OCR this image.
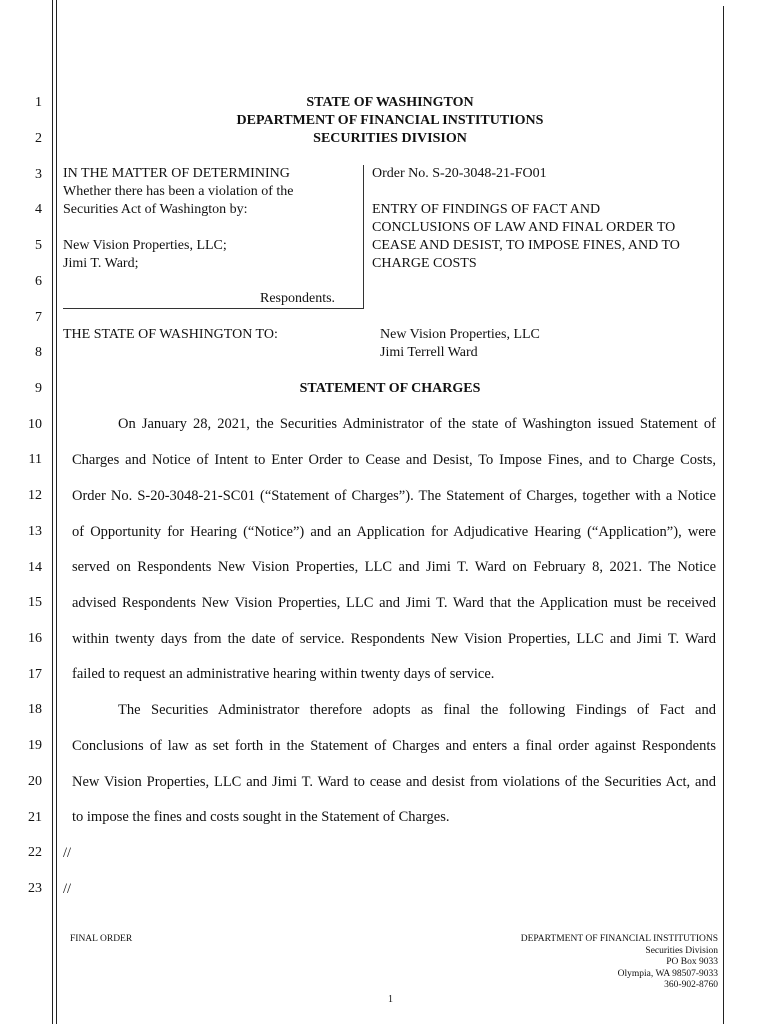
1
2
3
4
5
6
7
8
9
10
11
12
13
14
15
16
17
18
19
20
21
22
23
STATE OF WASHINGTON
DEPARTMENT OF FINANCIAL INSTITUTIONS
SECURITIES DIVISION
IN THE MATTER OF DETERMINING
Whether there has been a violation of the
Securities Act of Washington by:
New Vision Properties, LLC;
Jimi T. Ward;
Respondents.
Order No. S-20-3048-21-FO01
ENTRY OF FINDINGS OF FACT AND
CONCLUSIONS OF LAW AND FINAL ORDER TO
CEASE AND DESIST, TO IMPOSE FINES, AND TO
CHARGE COSTS
THE STATE OF WASHINGTON TO:	New Vision Properties, LLC
Jimi Terrell Ward
STATEMENT OF CHARGES
On January 28, 2021, the Securities Administrator of the state of Washington issued Statement of
Charges and Notice of Intent to Enter Order to Cease and Desist, To Impose Fines, and to Charge Costs,
Order No. S-20-3048-21-SC01 (“Statement of Charges”). The Statement of Charges, together with a Notice
of Opportunity for Hearing (“Notice”) and an Application for Adjudicative Hearing (“Application”), were
served on Respondents New Vision Properties, LLC and Jimi T. Ward on February 8, 2021. The Notice
advised Respondents New Vision Properties, LLC and Jimi T. Ward that the Application must be received
within twenty days from the date of service. Respondents New Vision Properties, LLC and Jimi T. Ward
failed to request an administrative hearing within twenty days of service.
The Securities Administrator therefore adopts as final the following Findings of Fact and
Conclusions of law as set forth in the Statement of Charges and enters a final order against Respondents
New Vision Properties, LLC and Jimi T. Ward to cease and desist from violations of the Securities Act, and
to impose the fines and costs sought in the Statement of Charges.
//
//
FINAL ORDER	DEPARTMENT OF FINANCIAL INSTITUTIONS
Securities Division
PO Box 9033
Olympia, WA 98507-9033
360-902-8760
1
